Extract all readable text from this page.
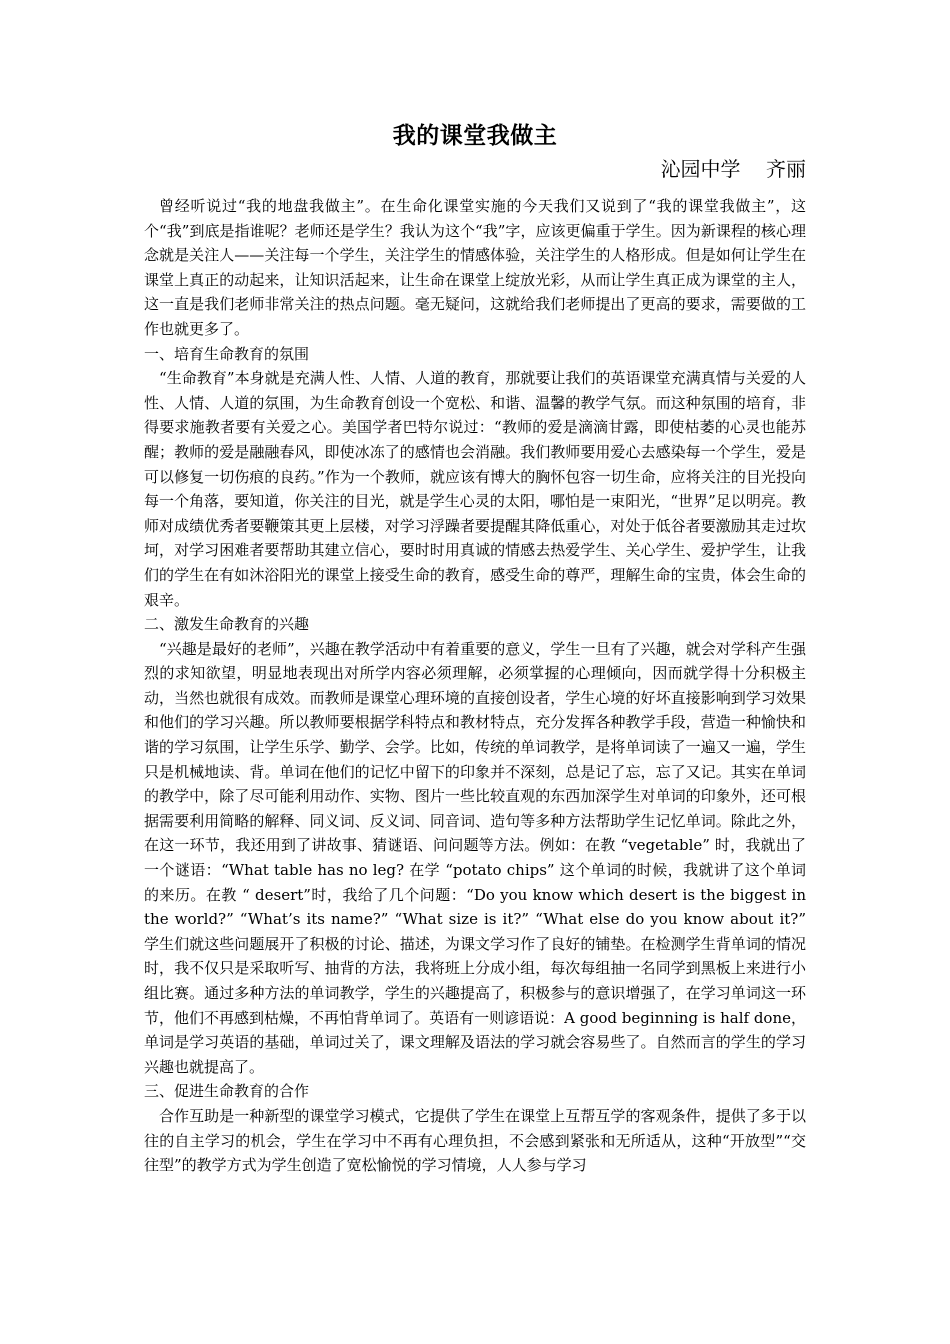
我的课堂我做主

沁园中学    齐丽

曾经听说过“我的地盘我做主”。在生命化课堂实施的今天我们又说到了“我的课堂我做主”，这个“我”到底是指谁呢？老师还是学生？我认为这个“我”字，应该更偏重于学生。因为新课程的核心理念就是关注人——关注每一个学生，关注学生的情感体验，关注学生的人格形成。但是如何让学生在课堂上真正的动起来，让知识活起来，让生命在课堂上绽放光彩，从而让学生真正成为课堂的主人，这一直是我们老师非常关注的热点问题。毫无疑问，这就给我们老师提出了更高的要求，需要做的工作也就更多了。

一、培育生命教育的氛围

“生命教育”本身就是充满人性、人情、人道的教育，那就要让我们的英语课堂充满真情与关爱的人性、人情、人道的氛围，为生命教育创设一个宽松、和谐、温馨的教学气氛。而这种氛围的培育，非得要求施教者要有关爱之心。美国学者巴特尔说过：“教师的爱是滴滴甘露，即使枯萎的心灵也能苏醒；教师的爱是融融春风，即使冰冻了的感情也会消融。我们教师要用爱心去感染每一个学生，爱是可以修复一切伤痕的良药。”作为一个教师，就应该有博大的胸怀包容一切生命，应将关注的目光投向每一个角落，要知道，你关注的目光，就是学生心灵的太阳，哪怕是一束阳光，“世界”足以明亮。教师对成绩优秀者要鞭策其更上层楼，对学习浮躁者要提醒其降低重心，对处于低谷者要激励其走过坎坷，对学习困难者要帮助其建立信心，要时时用真诚的情感去热爱学生、关心学生、爱护学生，让我们的学生在有如沐浴阳光的课堂上接受生命的教育，感受生命的尊严，理解生命的宝贵，体会生命的艰辛。

二、激发生命教育的兴趣

“兴趣是最好的老师”，兴趣在教学活动中有着重要的意义，学生一旦有了兴趣，就会对学科产生强烈的求知欲望，明显地表现出对所学内容必须理解，必须掌握的心理倾向，因而就学得十分积极主动，当然也就很有成效。而教师是课堂心理环境的直接创设者，学生心境的好坏直接影响到学习效果和他们的学习兴趣。所以教师要根据学科特点和教材特点，充分发挥各种教学手段，营造一种愉快和谐的学习氛围，让学生乐学、勤学、会学。比如，传统的单词教学，是将单词读了一遍又一遍，学生只是机械地读、背。单词在他们的记忆中留下的印象并不深刻，总是记了忘，忘了又记。其实在单词的教学中，除了尽可能利用动作、实物、图片一些比较直观的东西加深学生对单词的印象外，还可根据需要利用简略的解释、同义词、反义词、同音词、造句等多种方法帮助学生记忆单词。除此之外，在这一环节，我还用到了讲故事、猜谜语、问问题等方法。例如：在教 “vegetable” 时，我就出了一个谜语：“What table has no leg? 在学 “potato chips” 这个单词的时候，我就讲了这个单词的来历。在教 “ desert”时，我给了几个问题：“Do you know which desert is the biggest in the world?” “What’s its name?” “What size is it?” “What else do you know about it?” 学生们就这些问题展开了积极的讨论、描述，为课文学习作了良好的铺垫。在检测学生背单词的情况时，我不仅只是采取听写、抽背的方法，我将班上分成小组，每次每组抽一名同学到黑板上来进行小组比赛。通过多种方法的单词教学，学生的兴趣提高了，积极参与的意识增强了，在学习单词这一环节，他们不再感到枯燥，不再怕背单词了。英语有一则谚语说：A good beginning is half done，单词是学习英语的基础，单词过关了，课文理解及语法的学习就会容易些了。自然而言的学生的学习兴趣也就提高了。

三、促进生命教育的合作

合作互助是一种新型的课堂学习模式，它提供了学生在课堂上互帮互学的客观条件，提供了多于以往的自主学习的机会，学生在学习中不再有心理负担，不会感到紧张和无所适从，这种“开放型”“交往型”的教学方式为学生创造了宽松愉悦的学习情境，人人参与学习
